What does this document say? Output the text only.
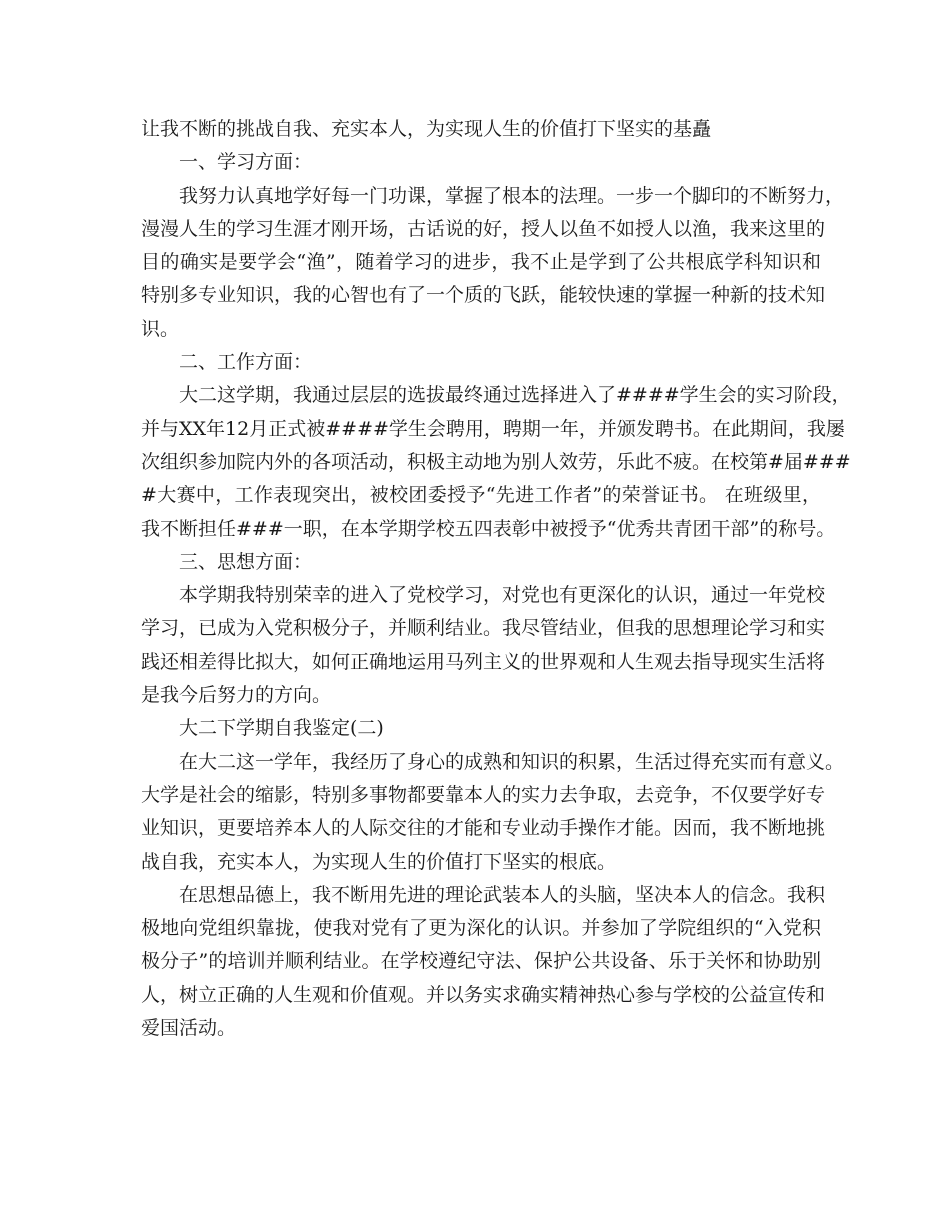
让我不断的挑战自我、充实本人，为实现人生的价值打下坚实的基矗
一、学习方面：
我努力认真地学好每一门功课，掌握了根本的法理。一步一个脚印的不断努力，
漫漫人生的学习生涯才刚开场，古话说的好，授人以鱼不如授人以渔，我来这里的
目的确实是要学会“渔”，随着学习的进步，我不止是学到了公共根底学科知识和
特别多专业知识，我的心智也有了一个质的飞跃，能较快速的掌握一种新的技术知
识。
二、工作方面：
大二这学期，我通过层层的选拔最终通过选择进入了####学生会的实习阶段，
并与XX年12月正式被####学生会聘用，聘期一年，并颁发聘书。在此期间，我屡
次组织参加院内外的各项活动，积极主动地为别人效劳，乐此不疲。在校第#届###
#大赛中，工作表现突出，被校团委授予“先进工作者”的荣誉证书。 在班级里，
我不断担任###一职，在本学期学校五四表彰中被授予“优秀共青团干部”的称号。
三、思想方面：
本学期我特别荣幸的进入了党校学习，对党也有更深化的认识，通过一年党校
学习，已成为入党积极分子，并顺利结业。我尽管结业，但我的思想理论学习和实
践还相差得比拟大，如何正确地运用马列主义的世界观和人生观去指导现实生活将
是我今后努力的方向。
大二下学期自我鉴定(二)
在大二这一学年，我经历了身心的成熟和知识的积累，生活过得充实而有意义。
大学是社会的缩影，特别多事物都要靠本人的实力去争取，去竞争，不仅要学好专
业知识，更要培养本人的人际交往的才能和专业动手操作才能。因而，我不断地挑
战自我，充实本人，为实现人生的价值打下坚实的根底。
在思想品德上，我不断用先进的理论武装本人的头脑，坚决本人的信念。我积
极地向党组织靠拢，使我对党有了更为深化的认识。并参加了学院组织的“入党积
极分子”的培训并顺利结业。在学校遵纪守法、保护公共设备、乐于关怀和协助别
人，树立正确的人生观和价值观。并以务实求确实精神热心参与学校的公益宣传和
爱国活动。
